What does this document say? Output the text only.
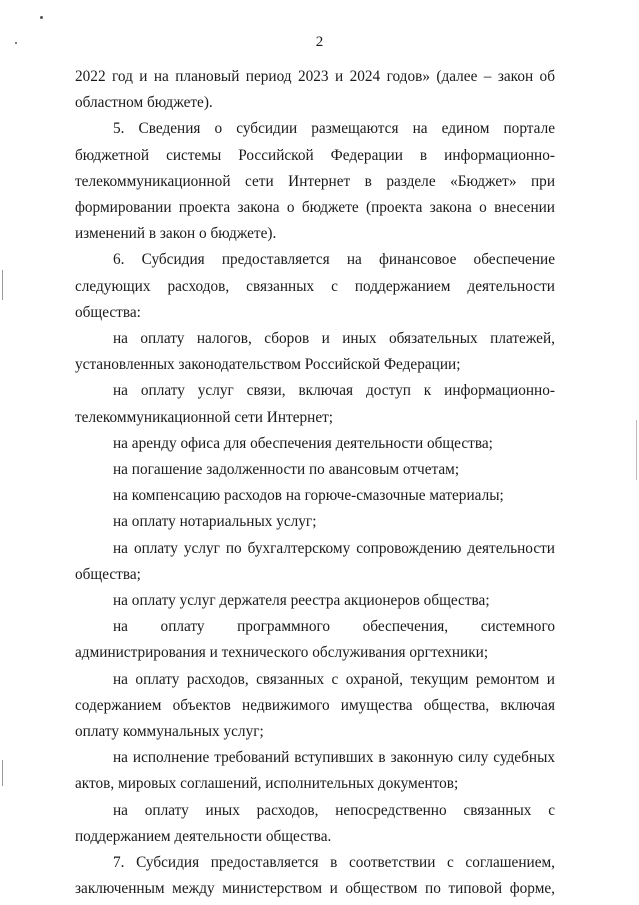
2

2022 год и на плановый период 2023 и 2024 годов» (далее – закон об областном бюджете).

5. Сведения о субсидии размещаются на едином портале бюджетной системы Российской Федерации в информационно-телекоммуникационной сети Интернет в разделе «Бюджет» при формировании проекта закона о бюджете (проекта закона о внесении изменений в закон о бюджете).

6. Субсидия предоставляется на финансовое обеспечение следующих расходов, связанных с поддержанием деятельности общества:

на оплату налогов, сборов и иных обязательных платежей, установленных законодательством Российской Федерации;

на оплату услуг связи, включая доступ к информационно-телекоммуникационной сети Интернет;

на аренду офиса для обеспечения деятельности общества;

на погашение задолженности по авансовым отчетам;

на компенсацию расходов на горюче-смазочные материалы;

на оплату нотариальных услуг;

на оплату услуг по бухгалтерскому сопровождению деятельности общества;

на оплату услуг держателя реестра акционеров общества;

на оплату программного обеспечения, системного администрирования и технического обслуживания оргтехники;

на оплату расходов, связанных с охраной, текущим ремонтом и содержанием объектов недвижимого имущества общества, включая оплату коммунальных услуг;

на исполнение требований вступивших в законную силу судебных актов, мировых соглашений, исполнительных документов;

на оплату иных расходов, непосредственно связанных с поддержанием деятельности общества.

7. Субсидия предоставляется в соответствии с соглашением, заключенным между министерством и обществом по типовой форме,
